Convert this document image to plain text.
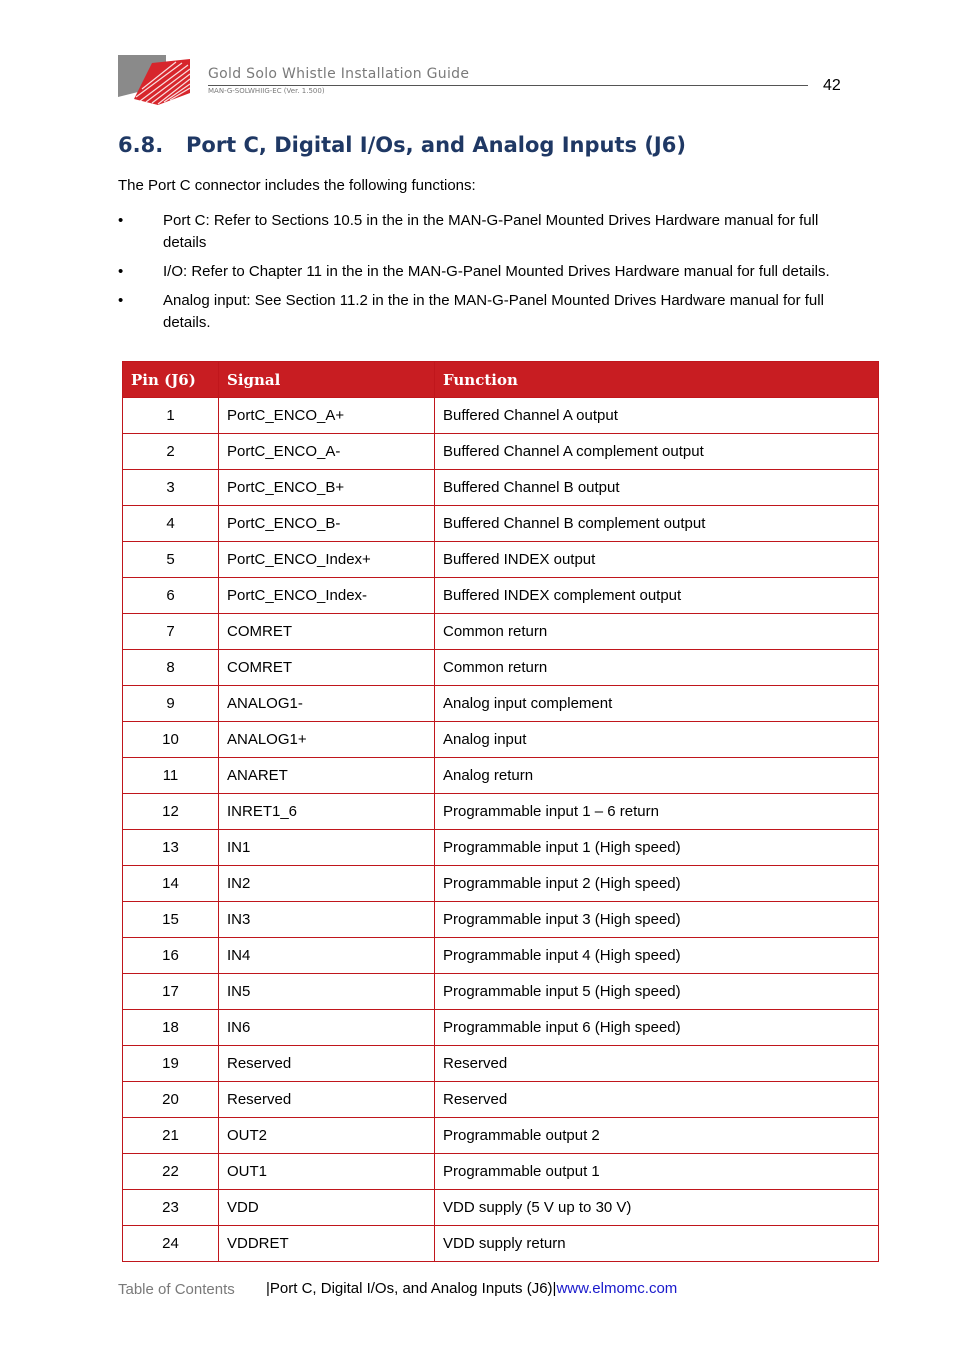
Gold Solo Whistle Installation Guide
MAN-G-SOLWHIIG-EC (Ver. 1.500)	42
6.8. Port C, Digital I/Os, and Analog Inputs (J6)
The Port C connector includes the following functions:
•	Port C: Refer to Sections 10.5 in the in the MAN-G-Panel Mounted Drives Hardware manual for full details
•	I/O: Refer to Chapter 11 in the in the MAN-G-Panel Mounted Drives Hardware manual for full details.
•	Analog input: See Section 11.2 in the in the MAN-G-Panel Mounted Drives Hardware manual for full details.
Pin (J6)	Signal	Function
1	PortC_ENCO_A+	Buffered Channel A output
2	PortC_ENCO_A-	Buffered Channel A complement output
3	PortC_ENCO_B+	Buffered Channel B output
4	PortC_ENCO_B-	Buffered Channel B complement output
5	PortC_ENCO_Index+	Buffered INDEX output
6	PortC_ENCO_Index-	Buffered INDEX complement output
7	COMRET	Common return
8	COMRET	Common return
9	ANALOG1-	Analog input complement
10	ANALOG1+	Analog input
11	ANARET	Analog return
12	INRET1_6	Programmable input 1 – 6 return
13	IN1	Programmable input 1 (High speed)
14	IN2	Programmable input 2 (High speed)
15	IN3	Programmable input 3 (High speed)
16	IN4	Programmable input 4 (High speed)
17	IN5	Programmable input 5 (High speed)
18	IN6	Programmable input 6 (High speed)
19	Reserved	Reserved
20	Reserved	Reserved
21	OUT2	Programmable output 2
22	OUT1	Programmable output 1
23	VDD	VDD supply (5 V up to 30 V)
24	VDDRET	VDD supply return
Table of Contents |Port C, Digital I/Os, and Analog Inputs (J6)|www.elmomc.com
